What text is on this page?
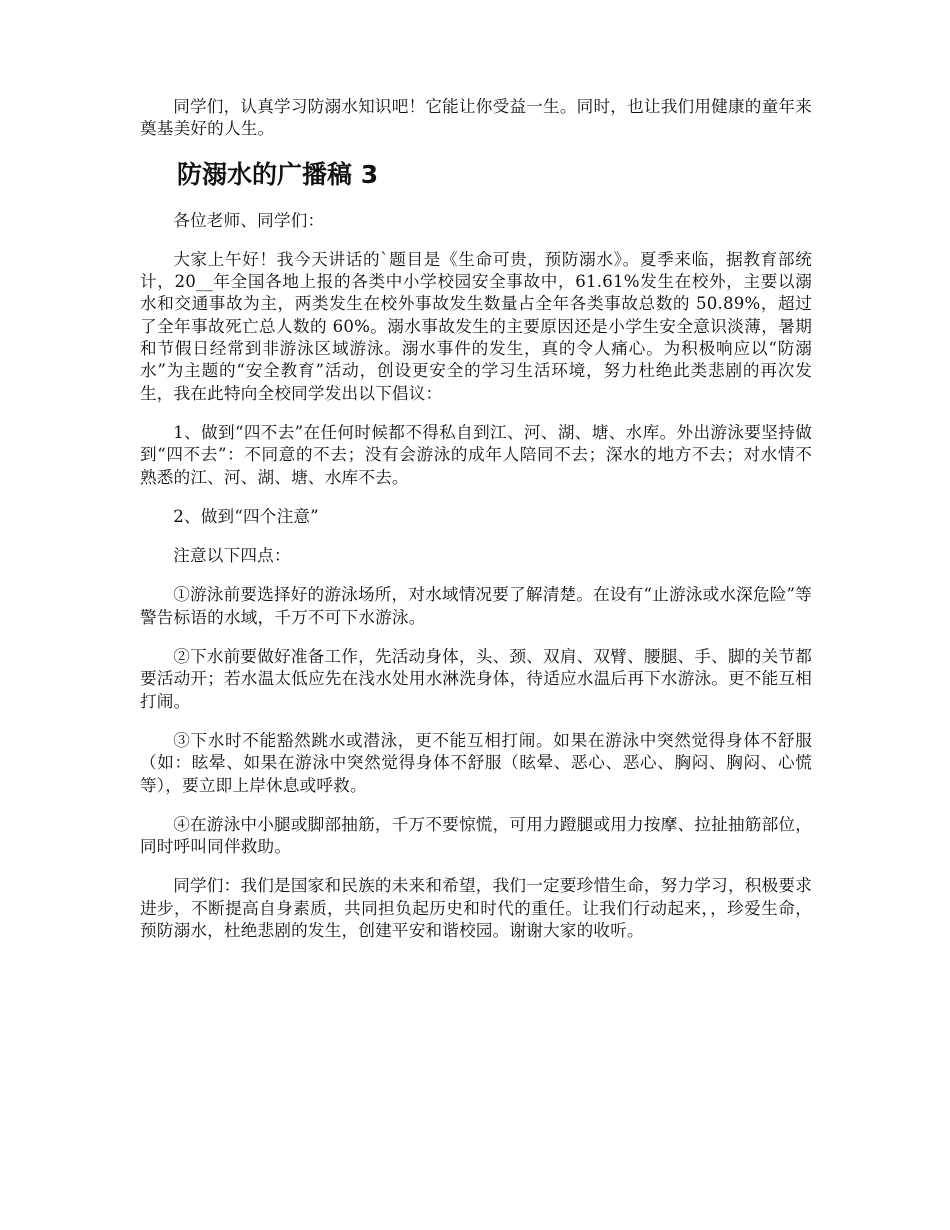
同学们，认真学习防溺水知识吧！它能让你受益一生。同时，也让我们用健康的童年来奠基美好的人生。

防溺水的广播稿 3

各位老师、同学们：

大家上午好！我今天讲话的`题目是《生命可贵，预防溺水》。夏季来临，据教育部统计，20__年全国各地上报的各类中小学校园安全事故中，61.61%发生在校外，主要以溺水和交通事故为主，两类发生在校外事故发生数量占全年各类事故总数的 50.89%，超过了全年事故死亡总人数的 60%。溺水事故发生的主要原因还是小学生安全意识淡薄，暑期和节假日经常到非游泳区域游泳。溺水事件的发生，真的令人痛心。为积极响应以“防溺水”为主题的“安全教育”活动，创设更安全的学习生活环境，努力杜绝此类悲剧的再次发生，我在此特向全校同学发出以下倡议：

1、做到“四不去”在任何时候都不得私自到江、河、湖、塘、水库。外出游泳要坚持做到“四不去”：不同意的不去；没有会游泳的成年人陪同不去；深水的地方不去；对水情不熟悉的江、河、湖、塘、水库不去。

2、做到“四个注意”

注意以下四点：

①游泳前要选择好的游泳场所，对水域情况要了解清楚。在设有“止游泳或水深危险”等警告标语的水域，千万不可下水游泳。

②下水前要做好准备工作，先活动身体，头、颈、双肩、双臂、腰腿、手、脚的关节都要活动开；若水温太低应先在浅水处用水淋洗身体，待适应水温后再下水游泳。更不能互相打闹。

③下水时不能豁然跳水或潜泳，更不能互相打闹。如果在游泳中突然觉得身体不舒服（如：眩晕、如果在游泳中突然觉得身体不舒服（眩晕、恶心、恶心、胸闷、胸闷、心慌等），要立即上岸休息或呼救。

④在游泳中小腿或脚部抽筋，千万不要惊慌，可用力蹬腿或用力按摩、拉扯抽筋部位，同时呼叫同伴救助。

同学们：我们是国家和民族的未来和希望，我们一定要珍惜生命，努力学习，积极要求进步，不断提高自身素质，共同担负起历史和时代的重任。让我们行动起来，，珍爱生命，预防溺水，杜绝悲剧的发生，创建平安和谐校园。谢谢大家的收听。
